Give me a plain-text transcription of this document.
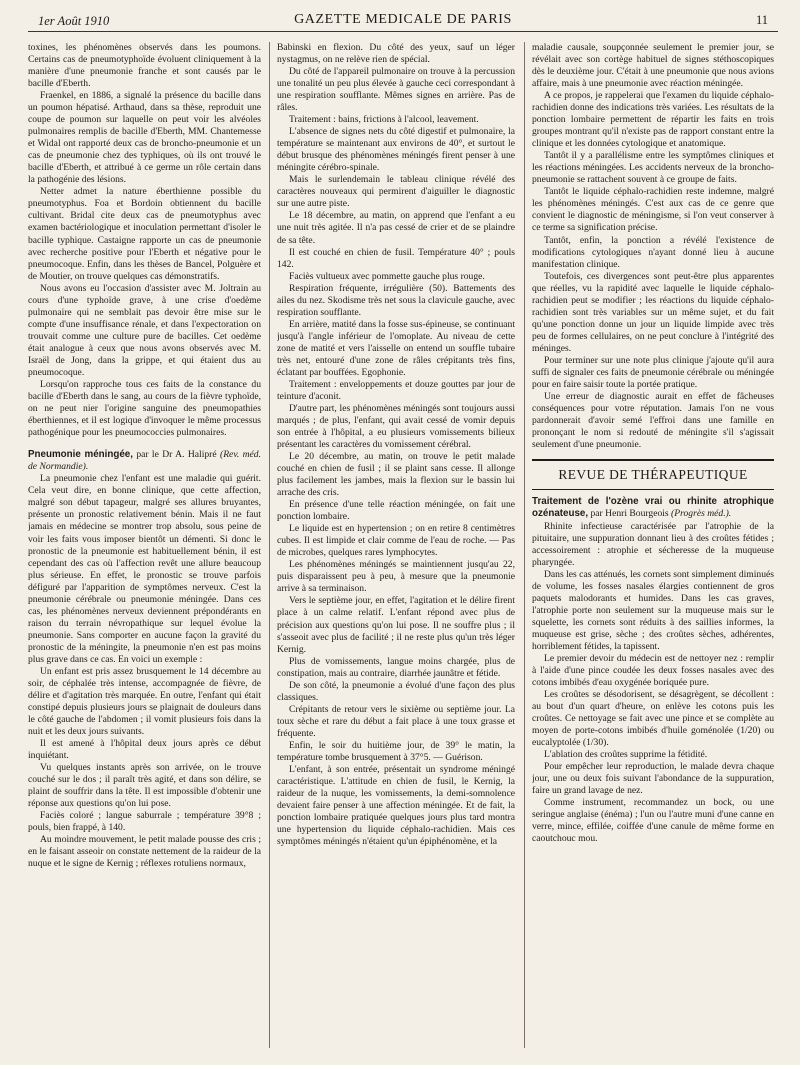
1er Août 1910	GAZETTE MEDICALE DE PARIS	11

toxines, les phénomènes observés dans les poumons. Certains cas de pneumotyphoïde évoluent cliniquement à la manière d'une pneumonie franche et sont causés par le bacille d'Eberth.

Fraenkel, en 1886, a signalé la présence du bacille dans un poumon hépatisé. Arthaud, dans sa thèse, reproduit une coupe de poumon sur laquelle on peut voir les alvéoles pulmonaires remplis de bacille d'Eberth, MM. Chantemesse et Widal ont rapporté deux cas de broncho-pneumonie et un cas de pneumonie chez des typhiques, où ils ont trouvé le bacille d'Eberth, et attribué à ce germe un rôle certain dans la pathogénie des lésions.

Netter admet la nature éberthienne possible du pneumotyphus. Foa et Bordoin obtiennent du bacille cultivant. Bridal cite deux cas de pneumotyphus avec examen bactériologique et inoculation permettant d'isoler le bacille typhique. Castaigne rapporte un cas de pneumonie avec recherche positive pour l'Eberth et négative pour le pneumocoque. Enfin, dans les thèses de Bancel, Polguère et de Moutier, on trouve quelques cas démonstratifs.

Nous avons eu l'occasion d'assister avec M. Joltrain au cours d'une typhoïde grave, à une crise d'oedème pulmonaire qui ne semblait pas devoir être mise sur le compte d'une insuffisance rénale, et dans l'expectoration on trouvait comme une culture pure de bacilles. Cet oedème était analogue à ceux que nous avons observés avec M. Israël de Jong, dans la grippe, et qui étaient dus au pneumocoque.

Lorsqu'on rapproche tous ces faits de la constance du bacille d'Eberth dans le sang, au cours de la fièvre typhoïde, on ne peut nier l'origine sanguine des pneumopathies éberthiennes, et il est logique d'invoquer le même processus pathogénique pour les pneumococcies pulmonaires.

Pneumonie méningée, par le Dr A. Halipré (Rev. méd. de Normandie).

La pneumonie chez l'enfant est une maladie qui guérit. Cela veut dire, en bonne clinique, que cette affection, malgré son début tapageur, malgré ses allures bruyantes, présente un pronostic relativement bénin. Mais il ne faut jamais en médecine se montrer trop absolu, sous peine de voir les faits vous imposer bientôt un démenti. Si donc le pronostic de la pneumonie est habituellement bénin, il est cependant des cas où l'affection revêt une allure beaucoup plus sérieuse. En effet, le pronostic se trouve parfois défiguré par l'apparition de symptômes nerveux. C'est la pneumonie cérébrale ou pneumonie méningée. Dans ces cas, les phénomènes nerveux deviennent prépondérants en raison du terrain névropathique sur lequel évolue la pneumonie. Sans comporter en aucune façon la gravité du pronostic de la méningite, la pneumonie n'en est pas moins plus grave dans ce cas. En voici un exemple :

Un enfant est pris assez brusquement le 14 décembre au soir, de céphalée très intense, accompagnée de fièvre, de délire et d'agitation très marquée. En outre, l'enfant qui était constipé depuis plusieurs jours se plaignait de douleurs dans le côté gauche de l'abdomen ; il vomit plusieurs fois dans la nuit et les deux jours suivants.

Il est amené à l'hôpital deux jours après ce début inquiétant.

Vu quelques instants après son arrivée, on le trouve couché sur le dos ; il paraît très agité, et dans son délire, se plaint de souffrir dans la tête. Il est impossible d'obtenir une réponse aux questions qu'on lui pose.

Faciès coloré ; langue saburrale ; température 39°8 ; pouls, bien frappé, à 140.

Au moindre mouvement, le petit malade pousse des cris ; en le faisant asseoir on constate nettement de la raideur de la nuque et le signe de Kernig ; réflexes rotuliens normaux,

Babinski en flexion. Du côté des yeux, sauf un léger nystagmus, on ne relève rien de spécial.

Du côté de l'appareil pulmonaire on trouve à la percussion une tonalité un peu plus élevée à gauche ceci correspondant à une respiration soufflante. Mêmes signes en arrière. Pas de râles.

Traitement : bains, frictions à l'alcool, leavement.

L'absence de signes nets du côté digestif et pulmonaire, la température se maintenant aux environs de 40°, et surtout le début brusque des phénomènes méningés firent penser à une méningite cérébro-spinale.

Mais le surlendemain le tableau clinique révélé des caractères nouveaux qui permirent d'aiguiller le diagnostic sur une autre piste.

Le 18 décembre, au matin, on apprend que l'enfant a eu une nuit très agitée. Il n'a pas cessé de crier et de se plaindre de sa tête.

Il est couché en chien de fusil. Température 40° ; pouls 142.

Faciès vultueux avec pommette gauche plus rouge.

Respiration fréquente, irrégulière (50). Battements des ailes du nez. Skodisme très net sous la clavicule gauche, avec respiration soufflante.

En arrière, matité dans la fosse sus-épineuse, se continuant jusqu'à l'angle inférieur de l'omoplate. Au niveau de cette zone de matité et vers l'aisselle on entend un souffle tubaire très net, entouré d'une zone de râles crépitants très fins, éclatant par bouffées. Egophonie.

Traitement : enveloppements et douze gouttes par jour de teinture d'aconit.

D'autre part, les phénomènes méningés sont toujours aussi marqués ; de plus, l'enfant, qui avait cessé de vomir depuis son entrée à l'hôpital, a eu plusieurs vomissements bilieux présentant les caractères du vomissement cérébral.

Le 20 décembre, au matin, on trouve le petit malade couché en chien de fusil ; il se plaint sans cesse. Il allonge plus facilement les jambes, mais la flexion sur le bassin lui arrache des cris.

En présence d'une telle réaction méningée, on fait une ponction lombaire.

Le liquide est en hypertension ; on en retire 8 centimètres cubes. Il est limpide et clair comme de l'eau de roche. — Pas de microbes, quelques rares lymphocytes.

Les phénomènes méningés se maintiennent jusqu'au 22, puis disparaissent peu à peu, à mesure que la pneumonie arrive à sa terminaison.

Vers le septième jour, en effet, l'agitation et le délire firent place à un calme relatif. L'enfant répond avec plus de précision aux questions qu'on lui pose. Il ne souffre plus ; il s'asseoit avec plus de facilité ; il ne reste plus qu'un très léger Kernig.

Plus de vomissements, langue moins chargée, plus de constipation, mais au contraire, diarrhée jaunâtre et fétide.

De son côté, la pneumonie a évolué d'une façon des plus classiques.

Crépitants de retour vers le sixième ou septième jour. La toux sèche et rare du début a fait place à une toux grasse et fréquente.

Enfin, le soir du huitième jour, de 39° le matin, la température tombe brusquement à 37°5. — Guérison.

L'enfant, à son entrée, présentait un syndrome méningé caractéristique. L'attitude en chien de fusil, le Kernig, la raideur de la nuque, les vomissements, la demi-somnolence devaient faire penser à une affection méningée. Et de fait, la ponction lombaire pratiquée quelques jours plus tard montra une hypertension du liquide céphalo-rachidien. Mais ces symptômes méningés n'étaient qu'un épiphénomène, et la

maladie causale, soupçonnée seulement le premier jour, se révélait avec son cortège habituel de signes stéthoscopiques dès le deuxième jour. C'était à une pneumonie que nous avions affaire, mais à une pneumonie avec réaction méningée.

A ce propos, je rappelerai que l'examen du liquide céphalo-rachidien donne des indications très variées. Les résultats de la ponction lombaire permettent de répartir les faits en trois groupes montrant qu'il n'existe pas de rapport constant entre la clinique et les données cytologique et anatomique.

Tantôt il y a parallélisme entre les symptômes cliniques et les réactions méningées. Les accidents nerveux de la broncho-pneumonie se rattachent souvent à ce groupe de faits.

Tantôt le liquide céphalo-rachidien reste indemne, malgré les phénomènes méningés. C'est aux cas de ce genre que convient le diagnostic de méningisme, si l'on veut conserver à ce terme sa signification précise.

Tantôt, enfin, la ponction a révélé l'existence de modifications cytologiques n'ayant donné lieu à aucune manifestation clinique.

Toutefois, ces divergences sont peut-être plus apparentes que réelles, vu la rapidité avec laquelle le liquide céphalo-rachidien peut se modifier ; les réactions du liquide céphalo-rachidien sont très variables sur un même sujet, et du fait qu'une ponction donne un jour un liquide limpide avec très peu de formes cellulaires, on ne peut conclure à l'intégrité des méninges.

Pour terminer sur une note plus clinique j'ajoute qu'il aura suffi de signaler ces faits de pneumonie cérébrale ou méningée pour en faire saisir toute la portée pratique.

Une erreur de diagnostic aurait en effet de fâcheuses conséquences pour votre réputation. Jamais l'on ne vous pardonnerait d'avoir semé l'effroi dans une famille en prononçant le nom si redouté de méningite s'il s'agissait seulement d'une pneumonie.

REVUE DE THÉRAPEUTIQUE

Traitement de l'ozène vrai ou rhinite atrophique ozénateuse, par Henri Bourgeois (Progrès méd.).

Rhinite infectieuse caractérisée par l'atrophie de la pituitaire, une suppuration donnant lieu à des croûtes fétides ; accessoirement : atrophie et sécheresse de la muqueuse pharyngée.

Dans les cas atténués, les cornets sont simplement diminués de volume, les fosses nasales élargies contiennent de gros paquets malodorants et humides. Dans les cas graves, l'atrophie porte non seulement sur la muqueuse mais sur le squelette, les cornets sont réduits à des saillies informes, la muqueuse est grise, sèche ; des croûtes sèches, adhérentes, horriblement fétides, la tapissent.

Le premier devoir du médecin est de nettoyer nez : remplir à l'aide d'une pince coudée les deux fosses nasales avec des cotons imbibés d'eau oxygénée boriquée pure.

Les croûtes se désodorisent, se désagrègent, se décollent : au bout d'un quart d'heure, on enlève les cotons puis les croûtes. Ce nettoyage se fait avec une pince et se complète au moyen de porte-cotons imbibés d'huile goménolée (1/20) ou eucalyptolée (1/30).

L'ablation des croûtes supprime la fétidité.

Pour empêcher leur reproduction, le malade devra chaque jour, une ou deux fois suivant l'abondance de la suppuration, faire un grand lavage de nez.

Comme instrument, recommandez un bock, ou une seringue anglaise (énéma) ; l'un ou l'autre muni d'une canne en verre, mince, effilée, coiffée d'une canule de même forme en caoutchouc mou.
